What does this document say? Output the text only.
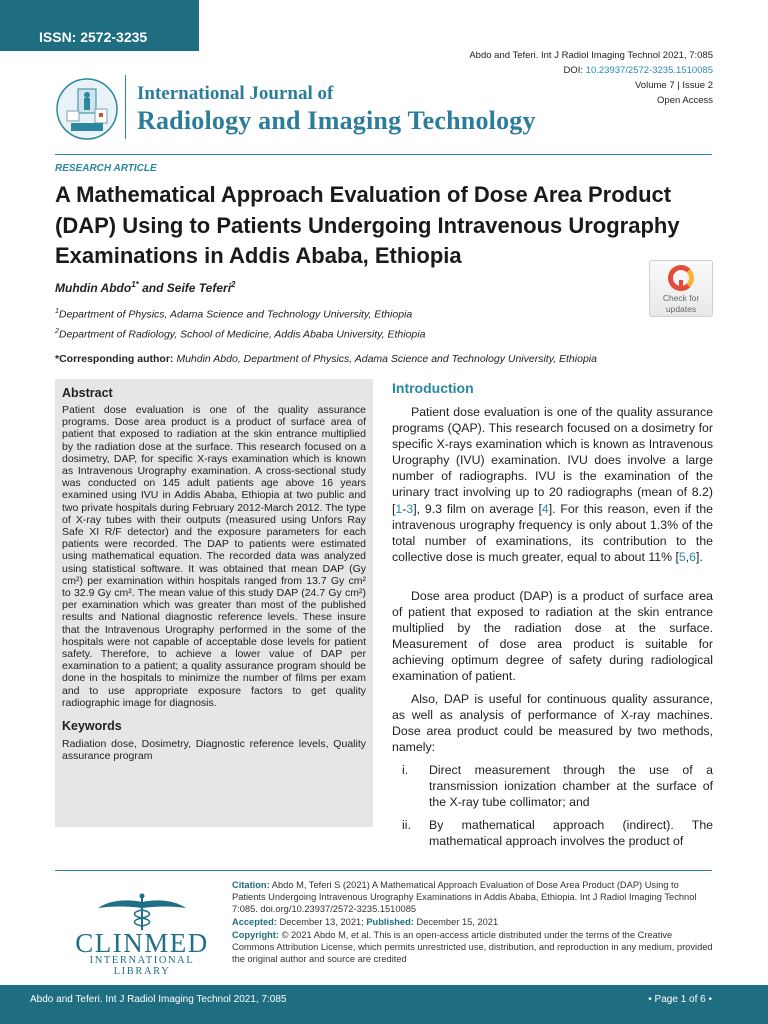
ISSN: 2572-3235
Abdo and Teferi. Int J Radiol Imaging Technol 2021, 7:085
DOI: 10.23937/2572-3235.1510085
Volume 7 | Issue 2
Open Access
International Journal of
Radiology and Imaging Technology
RESEARCH ARTICLE
A Mathematical Approach Evaluation of Dose Area Product (DAP) Using to Patients Undergoing Intravenous Urography Examinations in Addis Ababa, Ethiopia
Muhdin Abdo$^{1*}$ and Seife Teferi$^2$
$^1$Department of Physics, Adama Science and Technology University, Ethiopia
$^2$Department of Radiology, School of Medicine, Addis Ababa University, Ethiopia
*Corresponding author: Muhdin Abdo, Department of Physics, Adama Science and Technology University, Ethiopia
Check for
updates
Abstract

Patient dose evaluation is one of the quality assurance programs. Dose area product is a product of surface area of patient that exposed to radiation at the skin entrance multiplied by the radiation dose at the surface. This research focused on a dosimetry, DAP, for specific X-rays examination which is known as Intravenous Urography examination. A cross-sectional study was conducted on 145 adult patients age above 16 years examined using IVU in Addis Ababa, Ethiopia at two public and two private hospitals during February 2012-March 2012. The type of X-ray tubes with their outputs (measured using Unfors Ray Safe XI R/F detector) and the exposure parameters for each patients were recorded. The DAP to patients were estimated using mathematical equation. The recorded data was analyzed using statistical software. It was obtained that mean DAP (Gy cm²) per examination within hospitals ranged from 13.7 Gy cm² to 32.9 Gy cm². The mean value of this study DAP (24.7 Gy cm²) per examination which was greater than most of the published results and National diagnostic reference levels. These insure that the Intravenous Urography performed in the some of the hospitals were not capable of acceptable dose levels for patient safety. Therefore, to achieve a lower value of DAP per examination to a patient; a quality assurance program should be done in the hospitals to minimize the number of films per exam and to use appropriate exposure factors to get quality radiographic image for diagnosis.

Keywords

Radiation dose, Dosimetry, Diagnostic reference levels, Quality assurance program

Introduction

Patient dose evaluation is one of the quality assurance programs (QAP). This research focused on a dosimetry for specific X-rays examination which is known as Intravenous Urography (IVU) examination. IVU does involve a large number of radiographs. IVU is the examination of the urinary tract involving up to 20 radiographs (mean of 8.2) [1-3], 9.3 film on average [4]. For this reason, even if the intravenous urography frequency is only about 1.3% of the total number of examinations, its contribution to the collective dose is much greater, equal to about 11% [5,6].

Dose area product (DAP) is a product of surface area of patient that exposed to radiation at the skin entrance multiplied by the radiation dose at the surface. Measurement of dose area product is suitable for achieving optimum degree of safety during radiological examination of patient.

Also, DAP is useful for continuous quality assurance, as well as analysis of performance of X-ray machines. Dose area product could be measured by two methods, namely:

i. Direct measurement through the use of a transmission ionization chamber at the surface of the X-ray tube collimator; and
ii. By mathematical approach (indirect). The mathematical approach involves the product of
CLINMED
INTERNATIONAL LIBRARY

Citation: Abdo M, Teferi S (2021) A Mathematical Approach Evaluation of Dose Area Product (DAP) Using to Patients Undergoing Intravenous Urography Examinations in Addis Ababa, Ethiopia. Int J Radiol Imaging Technol 7:085. doi.org/10.23937/2572-3235.1510085

Accepted: December 13, 2021; Published: December 15, 2021

Copyright: © 2021 Abdo M, et al. This is an open-access article distributed under the terms of the Creative Commons Attribution License, which permits unrestricted use, distribution, and reproduction in any medium, provided the original author and source are credited

Abdo and Teferi. Int J Radiol Imaging Technol 2021, 7:085	• Page 1 of 6 •
